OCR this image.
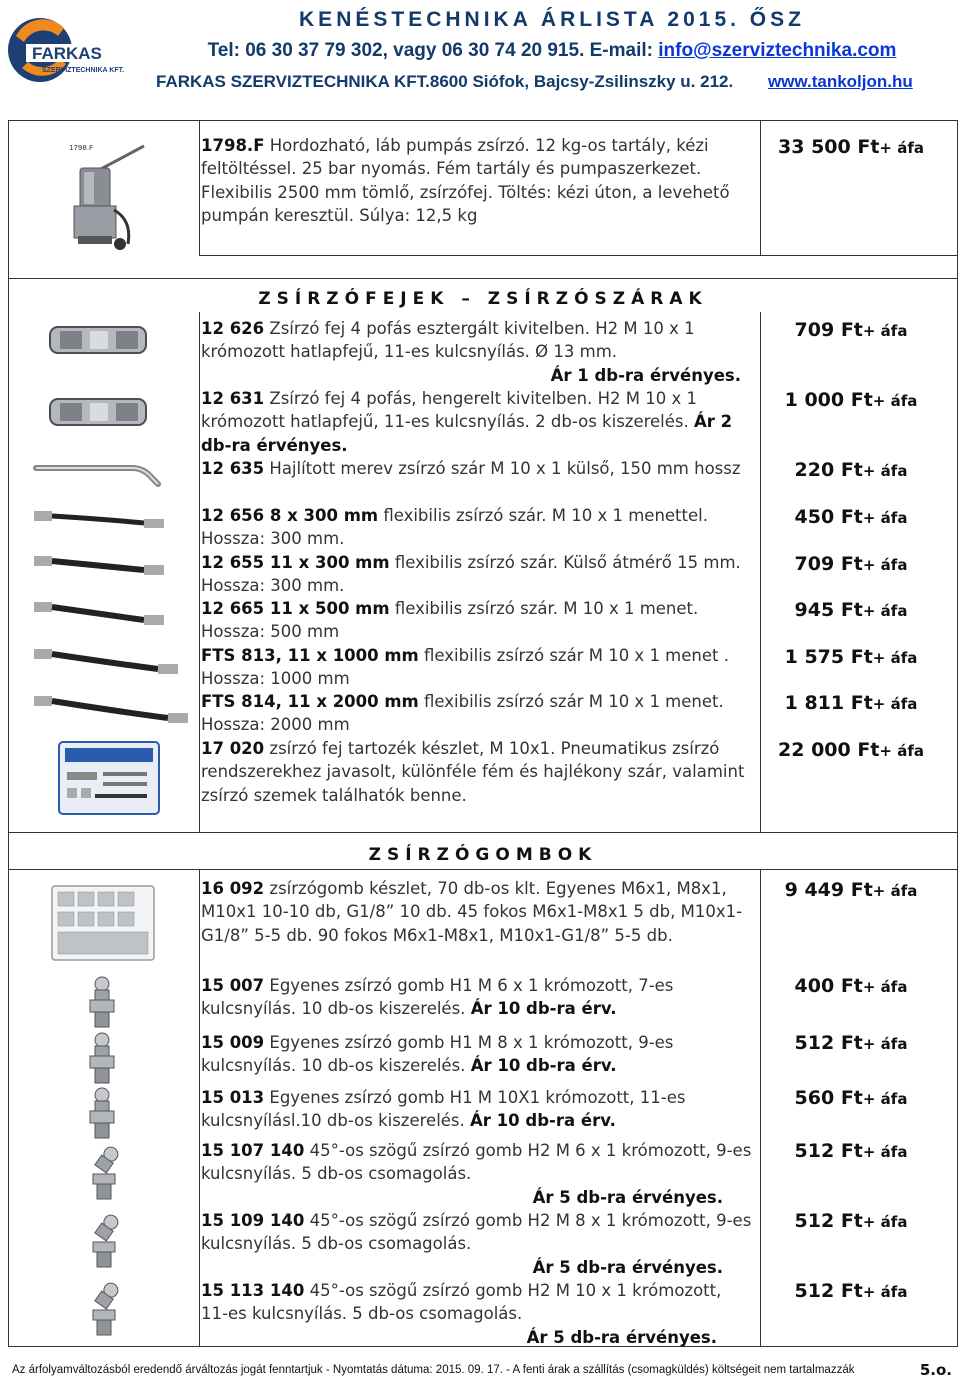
FARKAS
SZERVIZTECHNIKA KFT.
KENÉSTECHNIKA ÁRLISTA 2015. ŐSZ
Tel: 06 30 37 79 302, vagy 06 30 74 20 915. E-mail: info@szerviztechnika.com
FARKAS SZERVIZTECHNIKA KFT.8600 Siófok, Bajcsy-Zsilinszky u. 212. www.tankoljon.hu
ZSÍRZÓFEJEK – ZSÍRZÓSZÁRAK
ZSÍRZÓGOMBOK
1798.F	1798.F Hordozható, láb pumpás zsírzó. 12 kg-os tartály, kézi feltöltéssel. 25 bar nyomás. Fém tartály és pumpaszerkezet. Flexibilis 2500 mm tömlő, zsírzófej. Töltés: kézi úton, a levehető pumpán keresztül. Súlya: 12,5 kg
33 500 Ft+ áfa
12 626 Zsírzó fej 4 pofás esztergált kivitelben. H2 M 10 x 1 krómozott hatlapfejű, 11-es kulcsnyílás. Ø 13 mm.
Ár 1 db-ra érvényes.
709 Ft+ áfa
12 631 Zsírzó fej 4 pofás, hengerelt kivitelben. H2 M 10 x 1 krómozott hatlapfejű, 11-es kulcsnyílás. 2 db-os kiszerelés. Ár 2 db-ra érvényes.
1 000 Ft+ áfa
12 635 Hajlított merev zsírzó szár M 10 x 1 külső, 150 mm hossz	220 Ft+ áfa
12 656 8 x 300 mm flexibilis zsírzó szár. M 10 x 1 menettel. Hossza: 300 mm.
450 Ft+ áfa
12 655 11 x 300 mm flexibilis zsírzó szár. Külső átmérő 15 mm. Hossza: 300 mm.
709 Ft+ áfa
12 665 11 x 500 mm flexibilis zsírzó szár. M 10 x 1 menet. Hossza: 500 mm
945 Ft+ áfa
FTS 813, 11 x 1000 mm flexibilis zsírzó szár M 10 x 1 menet . Hossza: 1000 mm
1 575 Ft+ áfa
FTS 814, 11 x 2000 mm flexibilis zsírzó szár M 10 x 1 menet. Hossza: 2000 mm
1 811 Ft+ áfa
17 020 zsírzó fej tartozék készlet, M 10x1. Pneumatikus zsírzó rendszerekhez javasolt, különféle fém és hajlékony szár, valamint zsírzó szemek találhatók benne.
22 000 Ft+ áfa
16 092 zsírzógomb készlet, 70 db-os klt. Egyenes M6x1, M8x1, M10x1 10-10 db, G1/8” 10 db. 45 fokos M6x1-M8x1 5 db, M10x1-G1/8” 5-5 db. 90 fokos M6x1-M8x1, M10x1-G1/8” 5-5 db.
9 449 Ft+ áfa
15 007 Egyenes zsírzó gomb H1 M 6 x 1 krómozott, 7-es kulcsnyílás. 10 db-os kiszerelés. Ár 10 db-ra érv.
400 Ft+ áfa
15 009 Egyenes zsírzó gomb H1 M 8 x 1 krómozott, 9-es kulcsnyílás. 10 db-os kiszerelés. Ár 10 db-ra érv.
512 Ft+ áfa
15 013 Egyenes zsírzó gomb H1 M 10X1 krómozott, 11-es kulcsnyílásl.10 db-os kiszerelés. Ár 10 db-ra érv.
560 Ft+ áfa
15 107 140 45°-os szögű zsírzó gomb H2 M 6 x 1 krómozott, 9-es kulcsnyílás. 5 db-os csomagolás.
Ár 5 db-ra érvényes.
512 Ft+ áfa
15 109 140 45°-os szögű zsírzó gomb H2 M 8 x 1 krómozott, 9-es kulcsnyílás. 5 db-os csomagolás.
Ár 5 db-ra érvényes.
512 Ft+ áfa
15 113 140 45°-os szögű zsírzó gomb H2 M 10 x 1 krómozott, 11-es kulcsnyílás. 5 db-os csomagolás.
Ár 5 db-ra érvényes.
512 Ft+ áfa
Az árfolyamváltozásból eredendő árváltozás jogát fenntartjuk - Nyomtatás dátuma: 2015. 09. 17. - A fenti árak a szállítás (csomagküldés) költségeit nem tartalmazzák	5.o.
